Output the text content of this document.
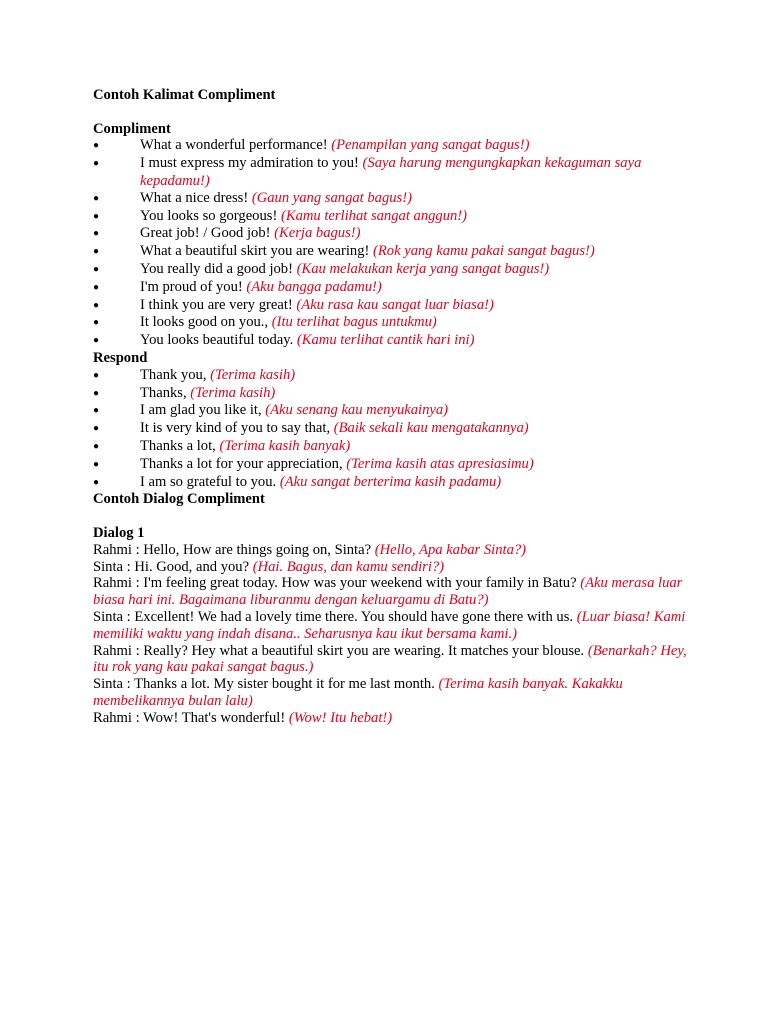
Contoh Kalimat Compliment

Compliment

●	What a wonderful performance! (Penampilan yang sangat bagus!)
●	I must express my admiration to you! (Saya harung mengungkapkan kekaguman saya kepadamu!)
●	What a nice dress! (Gaun yang sangat bagus!)
●	You looks so gorgeous! (Kamu terlihat sangat anggun!)
●	Great job! / Good job! (Kerja bagus!)
●	What a beautiful skirt you are wearing! (Rok yang kamu pakai sangat bagus!)
●	You really did a good job! (Kau melakukan kerja yang sangat bagus!)
●	I'm proud of you! (Aku bangga padamu!)
●	I think you are very great! (Aku rasa kau sangat luar biasa!)
●	It looks good on you., (Itu terlihat bagus untukmu)
●	You looks beautiful today. (Kamu terlihat cantik hari ini)

Respond

●	Thank you, (Terima kasih)
●	Thanks, (Terima kasih)
●	I am glad you like it, (Aku senang kau menyukainya)
●	It is very kind of you to say that, (Baik sekali kau mengatakannya)
●	Thanks a lot, (Terima kasih banyak)
●	Thanks a lot for your appreciation, (Terima kasih atas apresiasimu)
●	I am so grateful to you. (Aku sangat berterima kasih padamu)

Contoh Dialog Compliment

Dialog 1

Rahmi : Hello, How are things going on, Sinta? (Hello, Apa kabar Sinta?)

Sinta : Hi. Good, and you? (Hai. Bagus, dan kamu sendiri?)

Rahmi : I'm feeling great today. How was your weekend with your family in Batu? (Aku merasa luar biasa hari ini. Bagaimana liburanmu dengan keluargamu di Batu?)

Sinta : Excellent! We had a lovely time there. You should have gone there with us. (Luar biasa! Kami memiliki waktu yang indah disana.. Seharusnya kau ikut bersama kami.)

Rahmi : Really? Hey what a beautiful skirt you are wearing. It matches your blouse. (Benarkah? Hey, itu rok yang kau pakai sangat bagus.)

Sinta : Thanks a lot. My sister bought it for me last month. (Terima kasih banyak. Kakakku membelikannya bulan lalu)

Rahmi : Wow! That's wonderful! (Wow! Itu hebat!)
